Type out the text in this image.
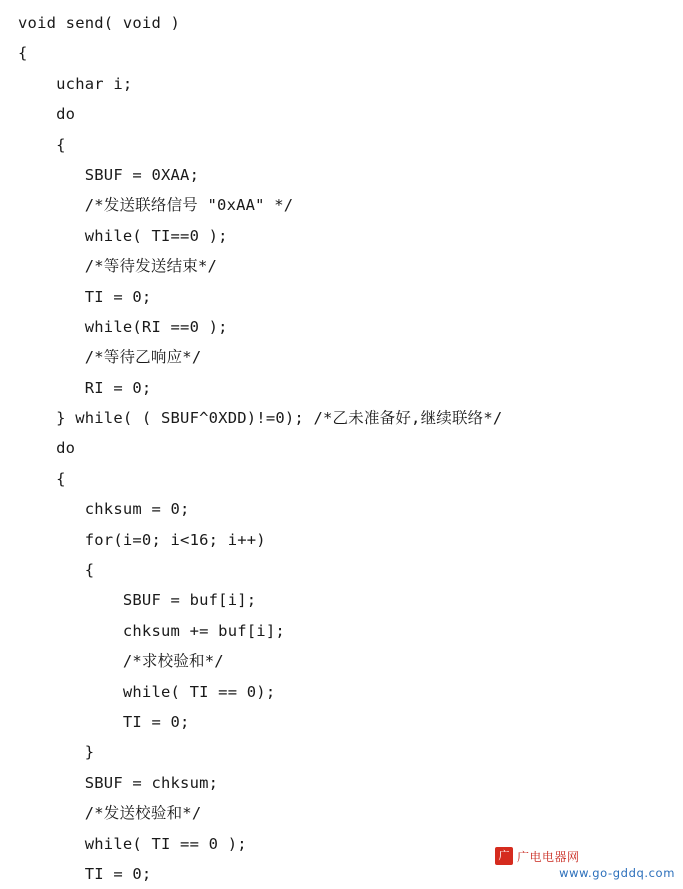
void send( void )
{
uchar i;
do
{
SBUF = 0XAA;
/*发送联络信号 "0xAA" */
while( TI==0 );
/*等待发送结束*/
TI = 0;
while(RI ==0 );
/*等待乙响应*/
RI = 0;
} while( ( SBUF^0XDD)!=0); /*乙未准备好,继续联络*/
do
{
chksum = 0;
for(i=0; i<16; i++)
{
SBUF = buf[i];
chksum += buf[i];
/*求校验和*/
while( TI == 0);
TI = 0;
}
SBUF = chksum;
/*发送校验和*/
while( TI == 0 );
TI = 0;
广 广电电器网
www.go-gddq.com
